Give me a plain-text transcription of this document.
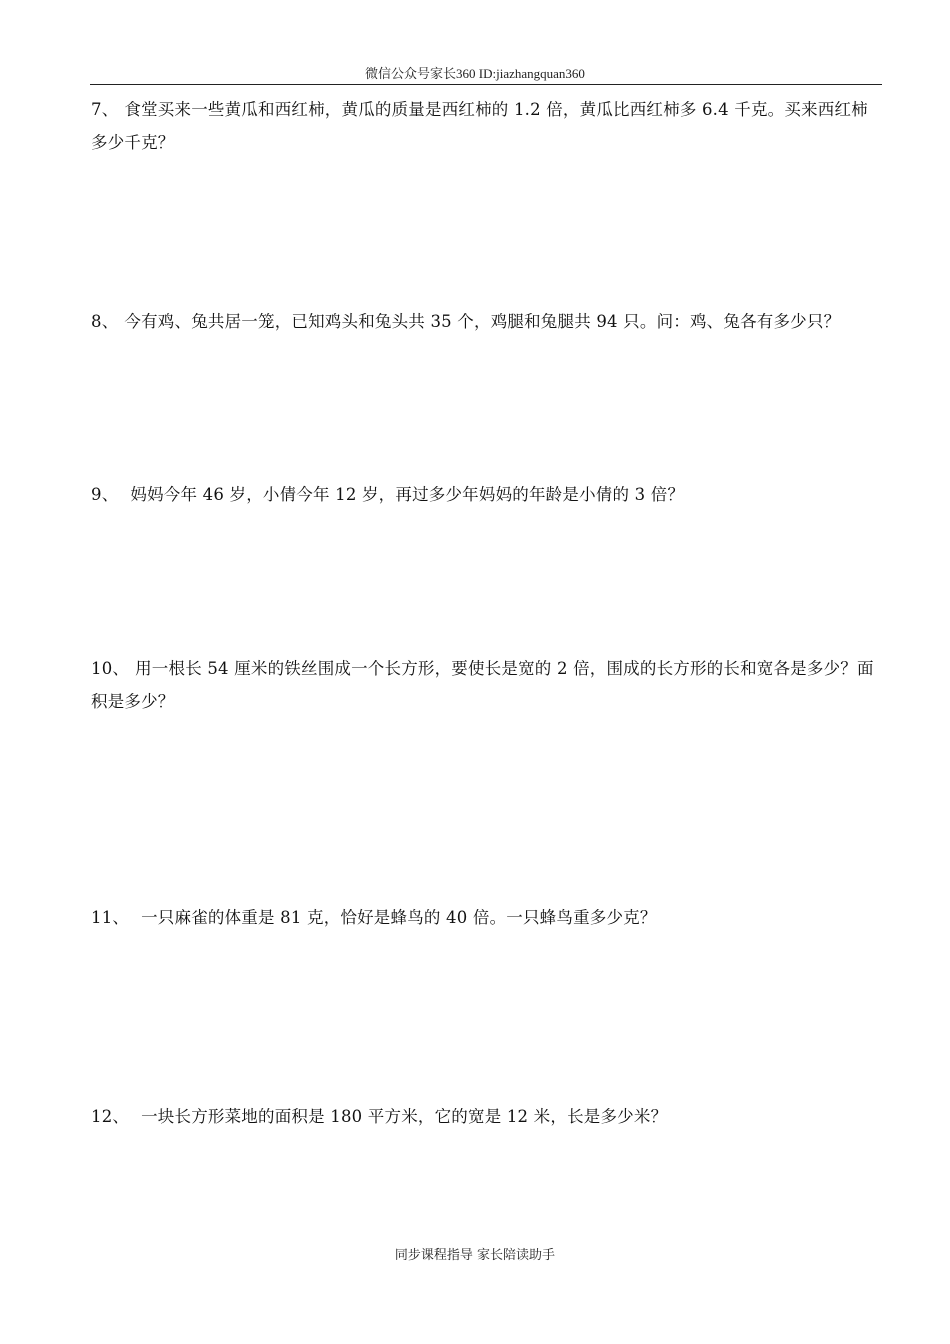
微信公众号家长360 ID:jiazhangquan360
7、 食堂买来一些黄瓜和西红柿，黄瓜的质量是西红柿的 1.2 倍，黄瓜比西红柿多 6.4 千克。买来西红柿多少千克？
8、 今有鸡、兔共居一笼，已知鸡头和兔头共 35 个，鸡腿和兔腿共 94 只。问：鸡、兔各有多少只？
9、 妈妈今年 46 岁，小倩今年 12 岁，再过多少年妈妈的年龄是小倩的 3 倍？
10、 用一根长 54 厘米的铁丝围成一个长方形，要使长是宽的 2 倍，围成的长方形的长和宽各是多少？面积是多少？
11、 一只麻雀的体重是 81 克，恰好是蜂鸟的 40 倍。一只蜂鸟重多少克？
12、 一块长方形菜地的面积是 180 平方米，它的宽是 12 米，长是多少米？
同步课程指导 家长陪读助手
